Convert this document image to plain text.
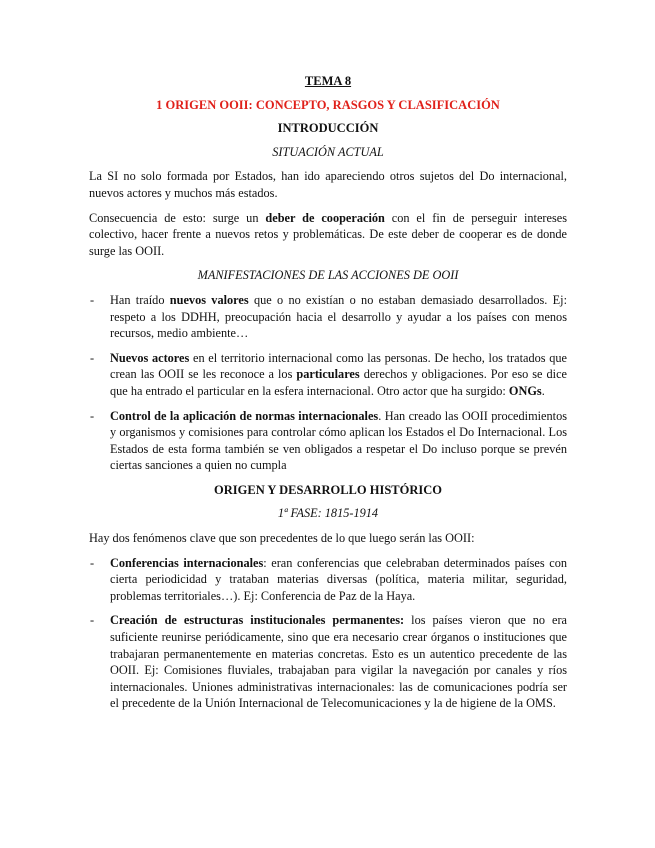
TEMA 8
1 ORIGEN OOII: CONCEPTO, RASGOS Y CLASIFICACIÓN
INTRODUCCIÓN
SITUACIÓN ACTUAL

La SI no solo formada por Estados, han ido apareciendo otros sujetos del Do internacional, nuevos actores y muchos más estados.

Consecuencia de esto: surge un deber de cooperación con el fin de perseguir intereses colectivo, hacer frente a nuevos retos y problemáticas. De este deber de cooperar es de donde surge las OOII.

MANIFESTACIONES DE LAS ACCIONES DE OOII
- Han traído nuevos valores que o no existían o no estaban demasiado desarrollados. Ej: respeto a los DDHH, preocupación hacia el desarrollo y ayudar a los países con menos recursos, medio ambiente…
- Nuevos actores en el territorio internacional como las personas. De hecho, los tratados que crean las OOII se les reconoce a los particulares derechos y obligaciones. Por eso se dice que ha entrado el particular en la esfera internacional. Otro actor que ha surgido: ONGs.
- Control de la aplicación de normas internacionales. Han creado las OOII procedimientos y organismos y comisiones para controlar cómo aplican los Estados el Do Internacional. Los Estados de esta forma también se ven obligados a respetar el Do incluso porque se prevén ciertas sanciones a quien no cumpla
ORIGEN Y DESARROLLO HISTÓRICO
1ª FASE: 1815-1914

Hay dos fenómenos clave que son precedentes de lo que luego serán las OOII:

- Conferencias internacionales: eran conferencias que celebraban determinados países con cierta periodicidad y trataban materias diversas (política, materia militar, seguridad, problemas territoriales…). Ej: Conferencia de Paz de la Haya.
- Creación de estructuras institucionales permanentes: los países vieron que no era suficiente reunirse periódicamente, sino que era necesario crear órganos o instituciones que trabajaran permanentemente en materias concretas. Esto es un autentico precedente de las OOII. Ej: Comisiones fluviales, trabajaban para vigilar la navegación por canales y ríos internacionales. Uniones administrativas internacionales: las de comunicaciones podría ser el precedente de la Unión Internacional de Telecomunicaciones y la de higiene de la OMS.
